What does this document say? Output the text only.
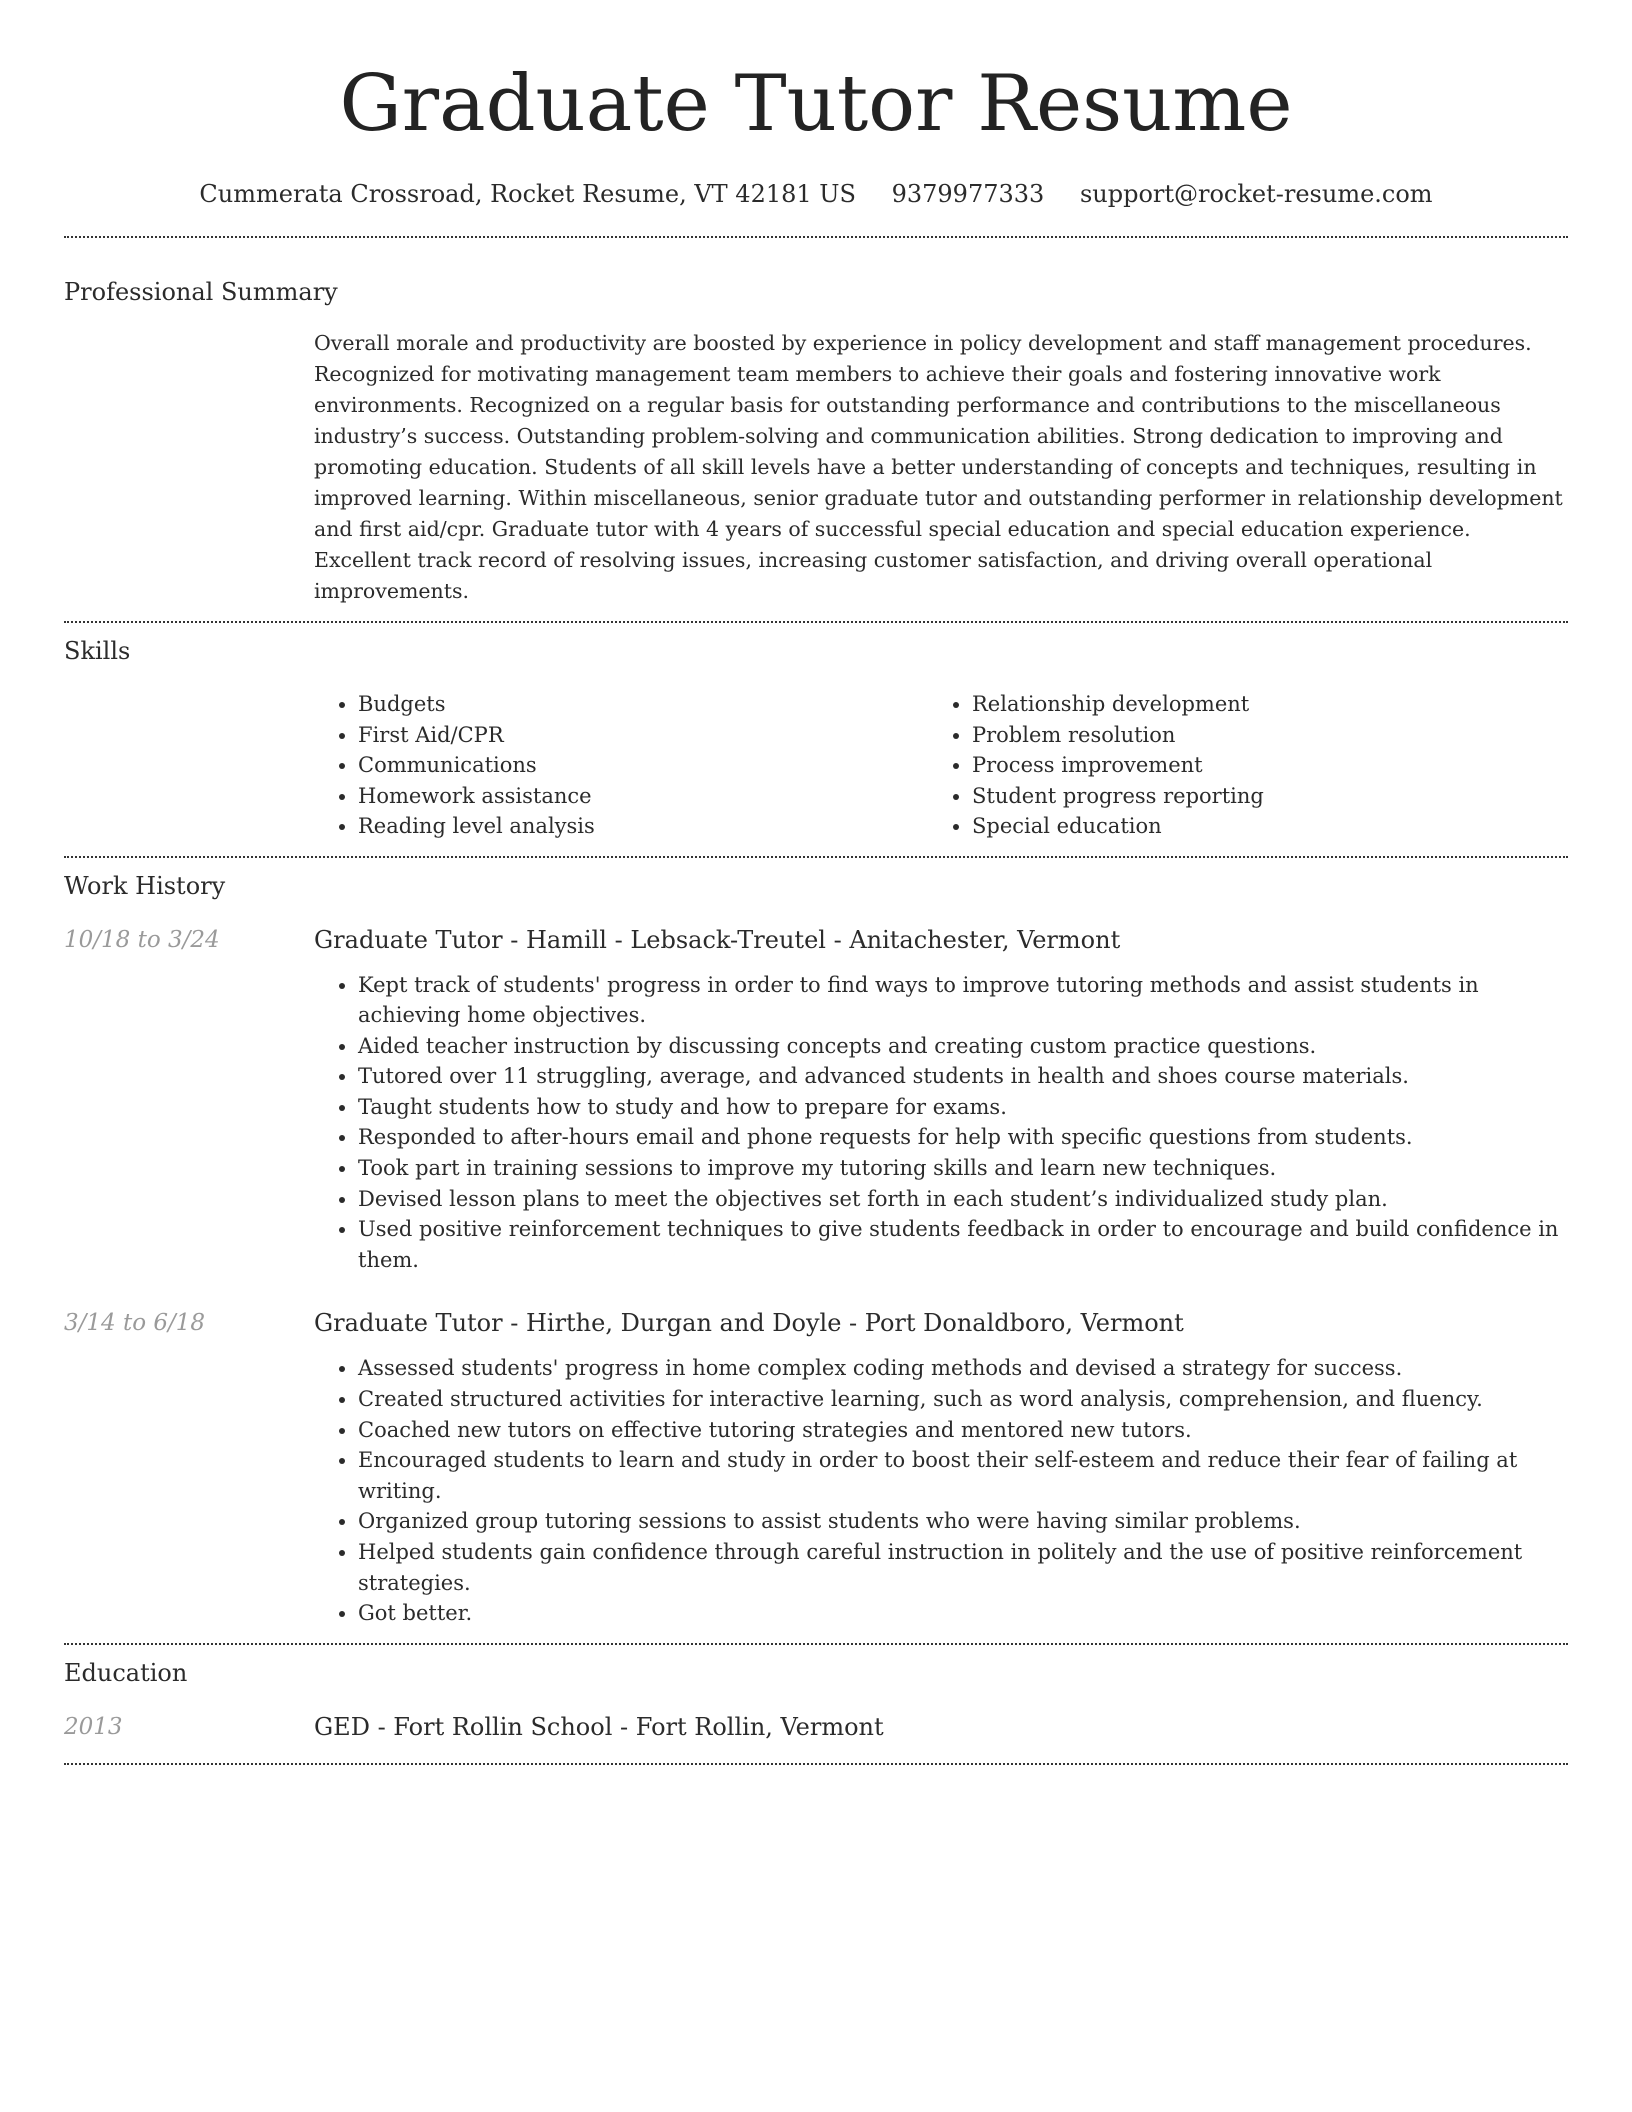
Graduate Tutor Resume
Cummerata Crossroad, Rocket Resume, VT 42181 US 9379977333 support@rocket-resume.com
Professional Summary

Overall morale and productivity are boosted by experience in policy development and staff management procedures. Recognized for motivating management team members to achieve their goals and fostering innovative work environments. Recognized on a regular basis for outstanding performance and contributions to the miscellaneous industry’s success. Outstanding problem-solving and communication abilities. Strong dedication to improving and promoting education. Students of all skill levels have a better understanding of concepts and techniques, resulting in improved learning. Within miscellaneous, senior graduate tutor and outstanding performer in relationship development and first aid/cpr. Graduate tutor with 4 years of successful special education and special education experience. Excellent track record of resolving issues, increasing customer satisfaction, and driving overall operational improvements.

Skills
• Budgets
• First Aid/CPR
• Communications
• Homework assistance
• Reading level analysis
• Relationship development
• Problem resolution
• Process improvement
• Student progress reporting
• Special education
Work History
10/18 to 3/24	Graduate Tutor - Hamill - Lebsack-Treutel - Anitachester, Vermont
• Kept track of students' progress in order to find ways to improve tutoring methods and assist students in achieving home objectives.
• Aided teacher instruction by discussing concepts and creating custom practice questions.
• Tutored over 11 struggling, average, and advanced students in health and shoes course materials.
• Taught students how to study and how to prepare for exams.
• Responded to after-hours email and phone requests for help with specific questions from students.
• Took part in training sessions to improve my tutoring skills and learn new techniques.
• Devised lesson plans to meet the objectives set forth in each student’s individualized study plan.
• Used positive reinforcement techniques to give students feedback in order to encourage and build confidence in them.
3/14 to 6/18	Graduate Tutor - Hirthe, Durgan and Doyle - Port Donaldboro, Vermont
• Assessed students' progress in home complex coding methods and devised a strategy for success.
• Created structured activities for interactive learning, such as word analysis, comprehension, and fluency.
• Coached new tutors on effective tutoring strategies and mentored new tutors.
• Encouraged students to learn and study in order to boost their self-esteem and reduce their fear of failing at writing.
• Organized group tutoring sessions to assist students who were having similar problems.
• Helped students gain confidence through careful instruction in politely and the use of positive reinforcement strategies.
• Got better.
Education
2013	GED - Fort Rollin School - Fort Rollin, Vermont
